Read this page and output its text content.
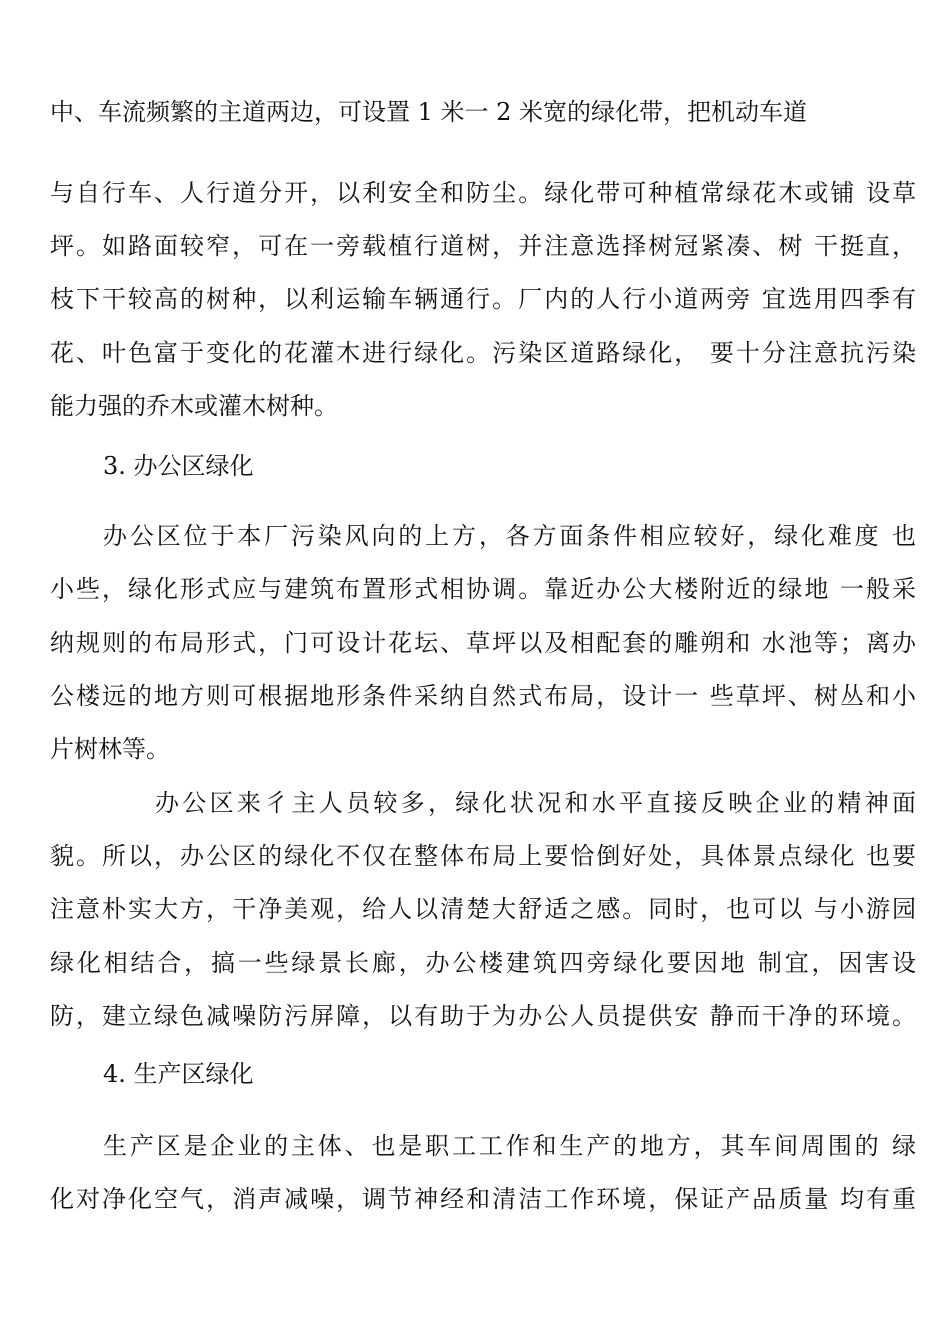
中、车流频繁的主道两边，可设置 1 米一 2 米宽的绿化带，把机动车道
与自行车、人行道分开，以利安全和防尘。绿化带可种植常绿花木或铺 设草
坪。如路面较窄，可在一旁载植行道树，并注意选择树冠紧凑、树 干挺直，
枝下干较高的树种，以利运输车辆通行。厂内的人行小道两旁 宜选用四季有
花、叶色富于变化的花灌木进行绿化。污染区道路绿化， 要十分注意抗污染
能力强的乔木或灌木树种。
3. 办公区绿化
办公区位于本厂污染风向的上方，各方面条件相应较好，绿化难度 也
小些，绿化形式应与建筑布置形式相协调。靠近办公大楼附近的绿地 一般采
纳规则的布局形式，门可设计花坛、草坪以及相配套的雕朔和 水池等；离办
公楼远的地方则可根据地形条件采纳自然式布局，设计一 些草坪、树丛和小
片树林等。
办公区来彳主人员较多，绿化状况和水平直接反映企业的精神面
貌。所以，办公区的绿化不仅在整体布局上要恰倒好处，具体景点绿化 也要
注意朴实大方，干净美观，给人以清楚大舒适之感。同时，也可以 与小游园
绿化相结合，搞一些绿景长廊，办公楼建筑四旁绿化要因地 制宜，因害设
防，建立绿色减噪防污屏障，以有助于为办公人员提供安 静而干净的环境。
4. 生产区绿化
生产区是企业的主体、也是职工工作和生产的地方，其车间周围的 绿
化对净化空气，消声减噪，调节神经和清洁工作环境，保证产品质量 均有重
